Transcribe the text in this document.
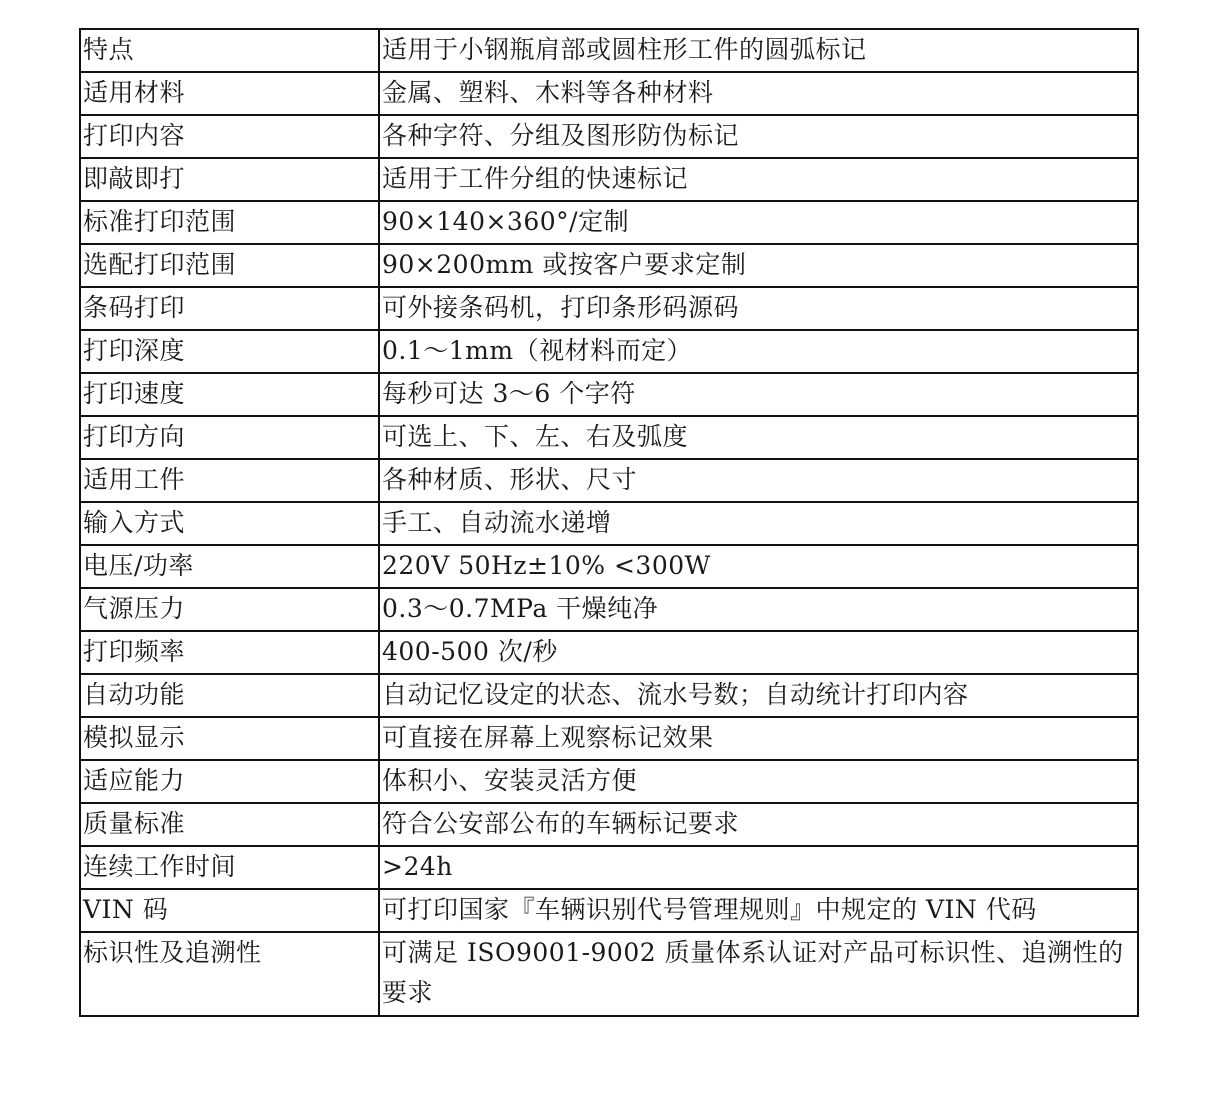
特点	适用于小钢瓶肩部或圆柱形工件的圆弧标记
适用材料	金属、塑料、木料等各种材料
打印内容	各种字符、分组及图形防伪标记
即敲即打	适用于工件分组的快速标记
标准打印范围	90×140×360°/定制
选配打印范围	90×200mm 或按客户要求定制
条码打印	可外接条码机，打印条形码源码
打印深度	0.1～1mm（视材料而定）
打印速度	每秒可达 3～6 个字符
打印方向	可选上、下、左、右及弧度
适用工件	各种材质、形状、尺寸
输入方式	手工、自动流水递增
电压/功率	220V 50Hz±10% <300W
气源压力	0.3～0.7MPa 干燥纯净
打印频率	400-500 次/秒
自动功能	自动记忆设定的状态、流水号数；自动统计打印内容
模拟显示	可直接在屏幕上观察标记效果
适应能力	体积小、安装灵活方便
质量标准	符合公安部公布的车辆标记要求
连续工作时间	>24h
VIN 码	可打印国家『车辆识别代号管理规则』中规定的 VIN 代码
标识性及追溯性	可满足 ISO9001-9002 质量体系认证对产品可标识性、追溯性的要求
